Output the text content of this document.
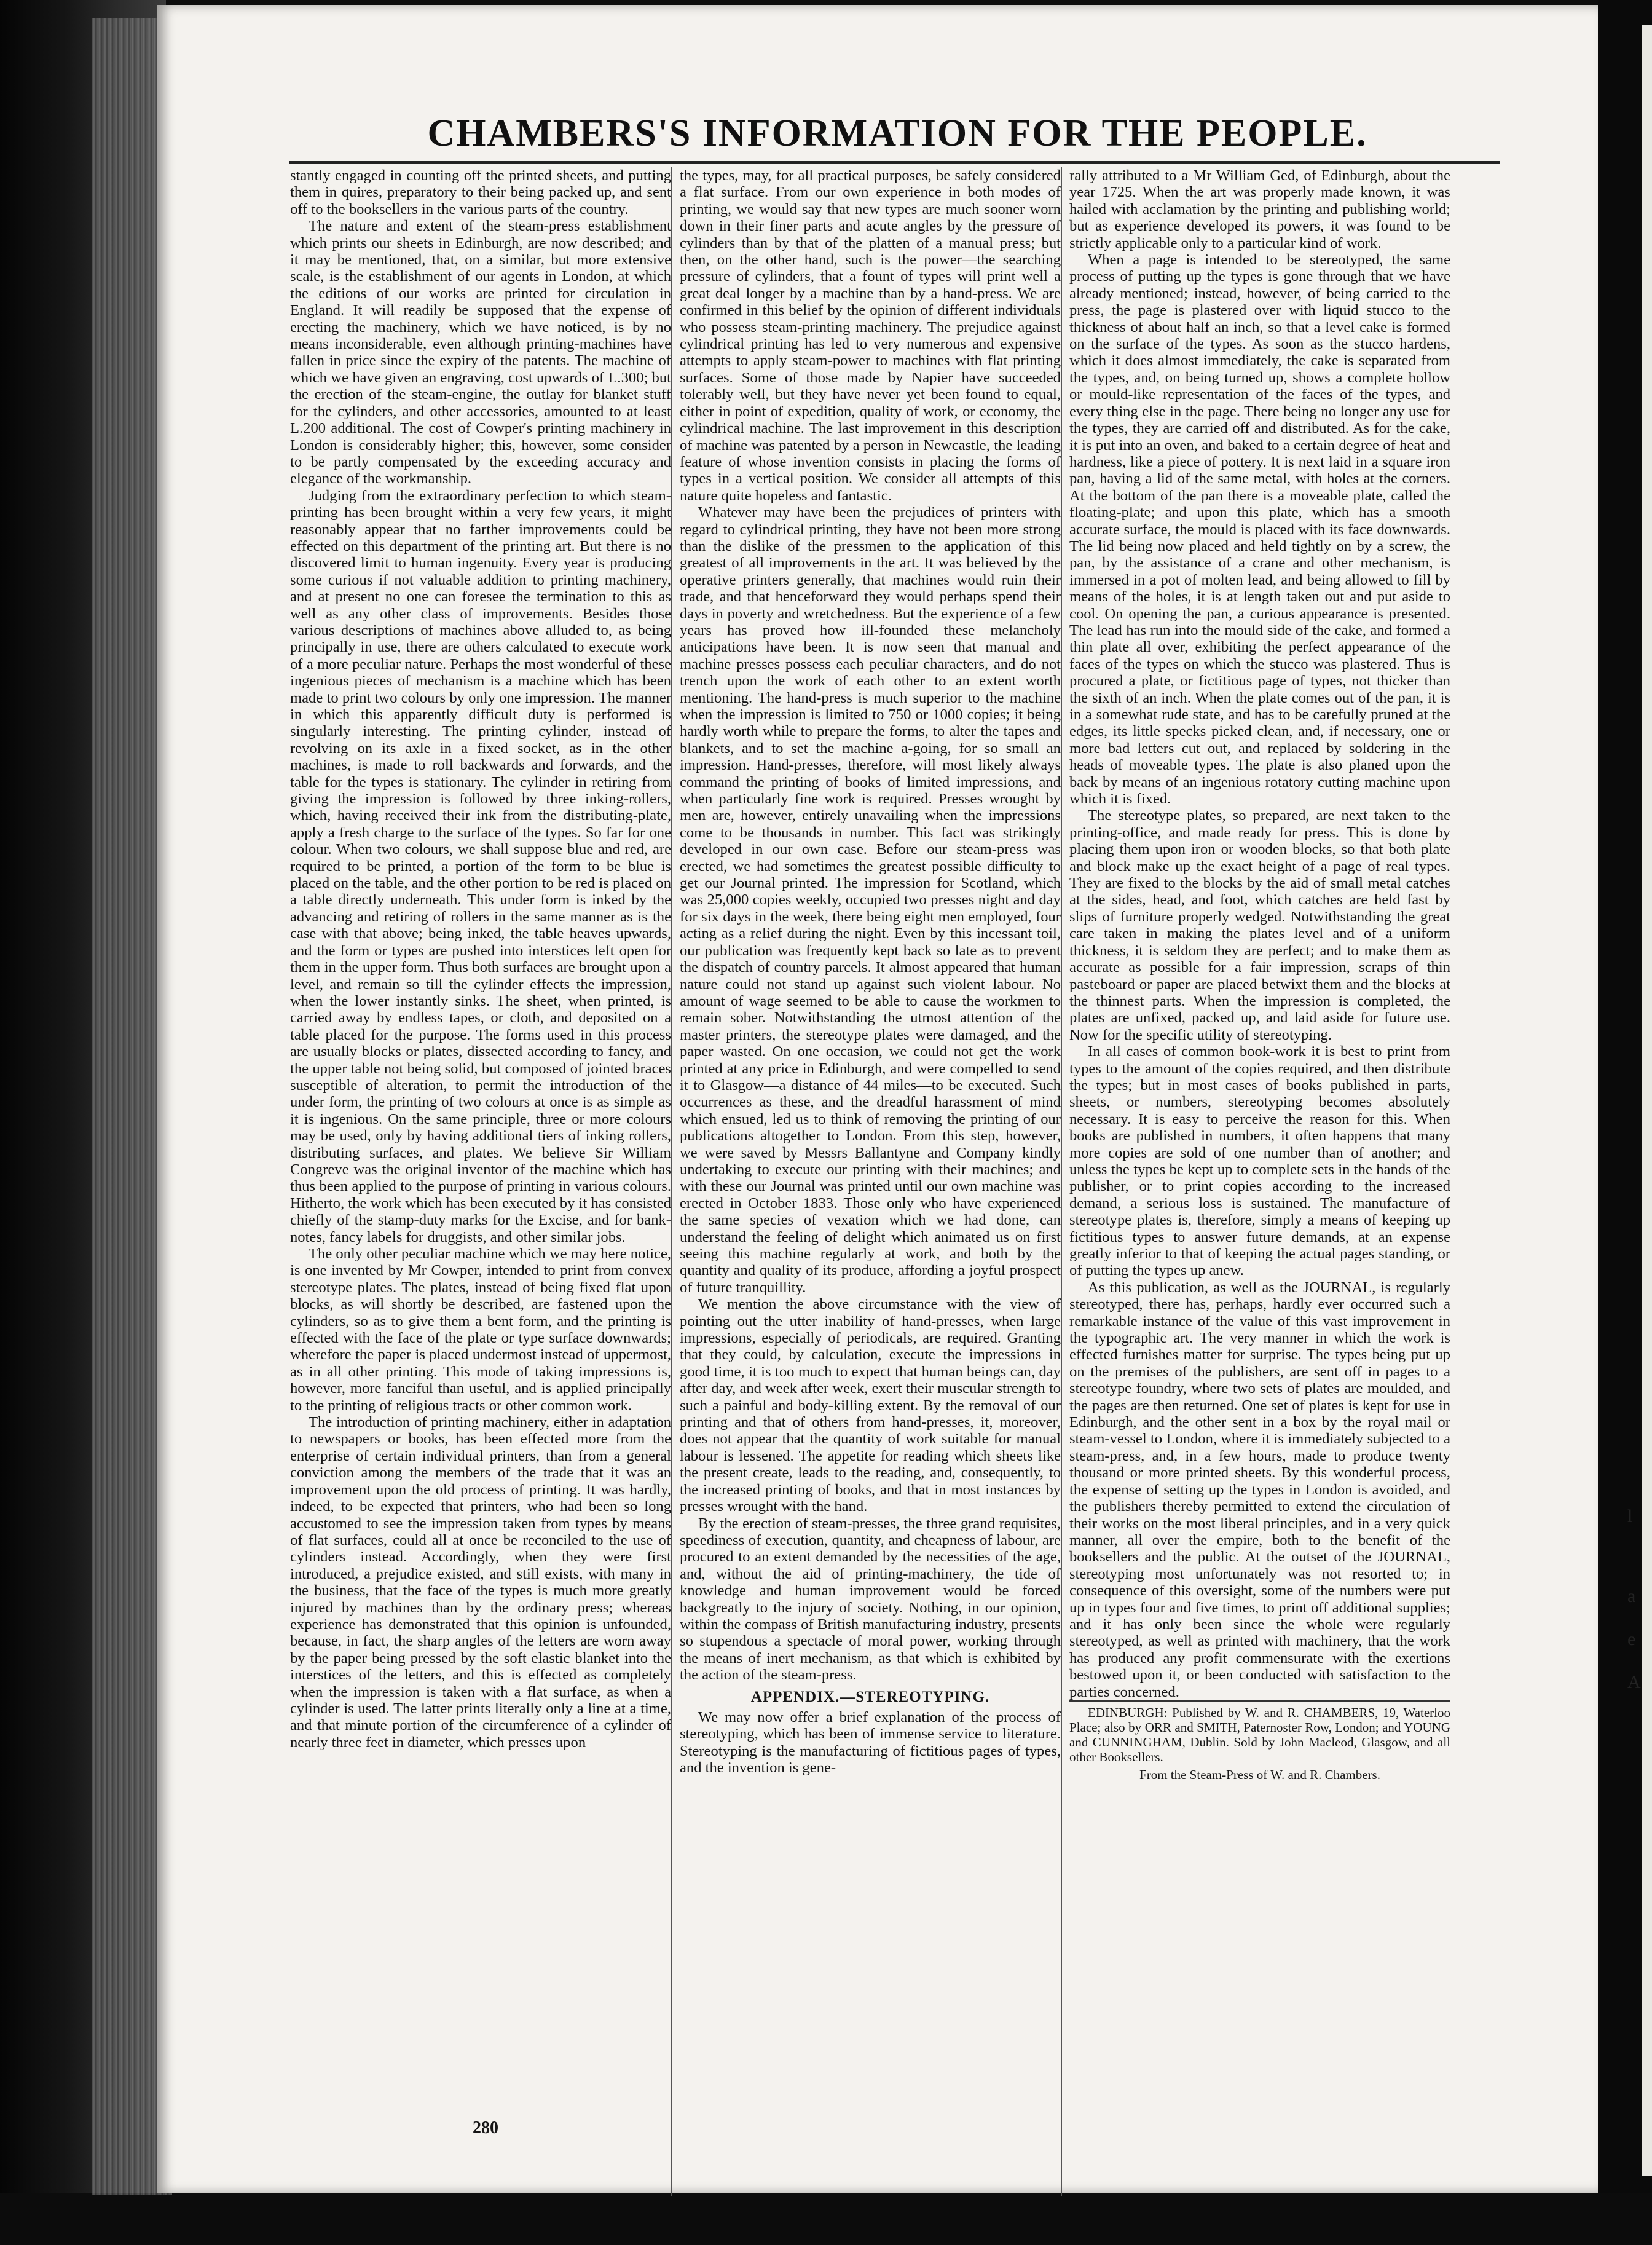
CHAMBERS'S INFORMATION FOR THE PEOPLE.

stantly engaged in counting off the printed sheets, and putting them in quires, preparatory to their being packed up, and sent off to the booksellers in the various parts of the country.

The nature and extent of the steam-press establishment which prints our sheets in Edinburgh, are now described; and it may be mentioned, that, on a similar, but more extensive scale, is the establishment of our agents in London, at which the editions of our works are printed for circulation in England. It will readily be supposed that the expense of erecting the machinery, which we have noticed, is by no means inconsiderable, even although printing-machines have fallen in price since the expiry of the patents. The machine of which we have given an engraving, cost upwards of L.300; but the erection of the steam-engine, the outlay for blanket stuff for the cylinders, and other accessories, amounted to at least L.200 additional. The cost of Cowper's printing machinery in London is considerably higher; this, however, some consider to be partly compensated by the exceeding accuracy and elegance of the workmanship.

Judging from the extraordinary perfection to which steam-printing has been brought within a very few years, it might reasonably appear that no farther improvements could be effected on this department of the printing art. But there is no discovered limit to human ingenuity. Every year is producing some curious if not valuable addition to printing machinery, and at present no one can foresee the termination to this as well as any other class of improvements. Besides those various descriptions of machines above alluded to, as being principally in use, there are others calculated to execute work of a more peculiar nature. Perhaps the most wonderful of these ingenious pieces of mechanism is a machine which has been made to print two colours by only one impression. The manner in which this apparently difficult duty is performed is singularly interesting. The printing cylinder, instead of revolving on its axle in a fixed socket, as in the other machines, is made to roll backwards and forwards, and the table for the types is stationary. The cylinder in retiring from giving the impression is followed by three inking-rollers, which, having received their ink from the distributing-plate, apply a fresh charge to the surface of the types. So far for one colour. When two colours, we shall suppose blue and red, are required to be printed, a portion of the form to be blue is placed on the table, and the other portion to be red is placed on a table directly underneath. This under form is inked by the advancing and retiring of rollers in the same manner as is the case with that above; being inked, the table heaves upwards, and the form or types are pushed into interstices left open for them in the upper form. Thus both surfaces are brought upon a level, and remain so till the cylinder effects the impression, when the lower instantly sinks. The sheet, when printed, is carried away by endless tapes, or cloth, and deposited on a table placed for the purpose. The forms used in this process are usually blocks or plates, dissected according to fancy, and the upper table not being solid, but composed of jointed braces susceptible of alteration, to permit the introduction of the under form, the printing of two colours at once is as simple as it is ingenious. On the same principle, three or more colours may be used, only by having additional tiers of inking rollers, distributing surfaces, and plates. We believe Sir William Congreve was the original inventor of the machine which has thus been applied to the purpose of printing in various colours. Hitherto, the work which has been executed by it has consisted chiefly of the stamp-duty marks for the Excise, and for bank-notes, fancy labels for druggists, and other similar jobs.

The only other peculiar machine which we may here notice, is one invented by Mr Cowper, intended to print from convex stereotype plates. The plates, instead of being fixed flat upon blocks, as will shortly be described, are fastened upon the cylinders, so as to give them a bent form, and the printing is effected with the face of the plate or type surface downwards; wherefore the paper is placed undermost instead of uppermost, as in all other printing. This mode of taking impressions is, however, more fanciful than useful, and is applied principally to the printing of religious tracts or other common work.

The introduction of printing machinery, either in adaptation to newspapers or books, has been effected more from the enterprise of certain individual printers, than from a general conviction among the members of the trade that it was an improvement upon the old process of printing. It was hardly, indeed, to be expected that printers, who had been so long accustomed to see the impression taken from types by means of flat surfaces, could all at once be reconciled to the use of cylinders instead. Accordingly, when they were first introduced, a prejudice existed, and still exists, with many in the business, that the face of the types is much more greatly injured by machines than by the ordinary press; whereas experience has demonstrated that this opinion is unfounded, because, in fact, the sharp angles of the letters are worn away by the paper being pressed by the soft elastic blanket into the interstices of the letters, and this is effected as completely when the impression is taken with a flat surface, as when a cylinder is used. The latter prints literally only a line at a time, and that minute portion of the circumference of a cylinder of nearly three feet in diameter, which presses upon

the types, may, for all practical purposes, be safely considered a flat surface. From our own experience in both modes of printing, we would say that new types are much sooner worn down in their finer parts and acute angles by the pressure of cylinders than by that of the platten of a manual press; but then, on the other hand, such is the power—the searching pressure of cylinders, that a fount of types will print well a great deal longer by a machine than by a hand-press. We are confirmed in this belief by the opinion of different individuals who possess steam-printing machinery. The prejudice against cylindrical printing has led to very numerous and expensive attempts to apply steam-power to machines with flat printing surfaces. Some of those made by Napier have succeeded tolerably well, but they have never yet been found to equal, either in point of expedition, quality of work, or economy, the cylindrical machine. The last improvement in this description of machine was patented by a person in Newcastle, the leading feature of whose invention consists in placing the forms of types in a vertical position. We consider all attempts of this nature quite hopeless and fantastic.

Whatever may have been the prejudices of printers with regard to cylindrical printing, they have not been more strong than the dislike of the pressmen to the application of this greatest of all improvements in the art. It was believed by the operative printers generally, that machines would ruin their trade, and that henceforward they would perhaps spend their days in poverty and wretchedness. But the experience of a few years has proved how ill-founded these melancholy anticipations have been. It is now seen that manual and machine presses possess each peculiar characters, and do not trench upon the work of each other to an extent worth mentioning. The hand-press is much superior to the machine when the impression is limited to 750 or 1000 copies; it being hardly worth while to prepare the forms, to alter the tapes and blankets, and to set the machine a-going, for so small an impression. Hand-presses, therefore, will most likely always command the printing of books of limited impressions, and when particularly fine work is required. Presses wrought by men are, however, entirely unavailing when the impressions come to be thousands in number. This fact was strikingly developed in our own case. Before our steam-press was erected, we had sometimes the greatest possible difficulty to get our Journal printed. The impression for Scotland, which was 25,000 copies weekly, occupied two presses night and day for six days in the week, there being eight men employed, four acting as a relief during the night. Even by this incessant toil, our publication was frequently kept back so late as to prevent the dispatch of country parcels. It almost appeared that human nature could not stand up against such violent labour. No amount of wage seemed to be able to cause the workmen to remain sober. Notwithstanding the utmost attention of the master printers, the stereotype plates were damaged, and the paper wasted. On one occasion, we could not get the work printed at any price in Edinburgh, and were compelled to send it to Glasgow—a distance of 44 miles—to be executed. Such occurrences as these, and the dreadful harassment of mind which ensued, led us to think of removing the printing of our publications altogether to London. From this step, however, we were saved by Messrs Ballantyne and Company kindly undertaking to execute our printing with their machines; and with these our Journal was printed until our own machine was erected in October 1833. Those only who have experienced the same species of vexation which we had done, can understand the feeling of delight which animated us on first seeing this machine regularly at work, and both by the quantity and quality of its produce, affording a joyful prospect of future tranquillity.

We mention the above circumstance with the view of pointing out the utter inability of hand-presses, when large impressions, especially of periodicals, are required. Granting that they could, by calculation, execute the impressions in good time, it is too much to expect that human beings can, day after day, and week after week, exert their muscular strength to such a painful and body-killing extent. By the removal of our printing and that of others from hand-presses, it, moreover, does not appear that the quantity of work suitable for manual labour is lessened. The appetite for reading which sheets like the present create, leads to the reading, and, consequently, to the increased printing of books, and that in most instances by presses wrought with the hand.

By the erection of steam-presses, the three grand requisites, speediness of execution, quantity, and cheapness of labour, are procured to an extent demanded by the necessities of the age, and, without the aid of printing-machinery, the tide of knowledge and human improvement would be forced backgreatly to the injury of society. Nothing, in our opinion, within the compass of British manufacturing industry, presents so stupendous a spectacle of moral power, working through the means of inert mechanism, as that which is exhibited by the action of the steam-press.

APPENDIX.—STEREOTYPING.

We may now offer a brief explanation of the process of stereotyping, which has been of immense service to literature. Stereotyping is the manufacturing of fictitious pages of types, and the invention is gene-

rally attributed to a Mr William Ged, of Edinburgh, about the year 1725. When the art was properly made known, it was hailed with acclamation by the printing and publishing world; but as experience developed its powers, it was found to be strictly applicable only to a particular kind of work.

When a page is intended to be stereotyped, the same process of putting up the types is gone through that we have already mentioned; instead, however, of being carried to the press, the page is plastered over with liquid stucco to the thickness of about half an inch, so that a level cake is formed on the surface of the types. As soon as the stucco hardens, which it does almost immediately, the cake is separated from the types, and, on being turned up, shows a complete hollow or mould-like representation of the faces of the types, and every thing else in the page. There being no longer any use for the types, they are carried off and distributed. As for the cake, it is put into an oven, and baked to a certain degree of heat and hardness, like a piece of pottery. It is next laid in a square iron pan, having a lid of the same metal, with holes at the corners. At the bottom of the pan there is a moveable plate, called the floating-plate; and upon this plate, which has a smooth accurate surface, the mould is placed with its face downwards. The lid being now placed and held tightly on by a screw, the pan, by the assistance of a crane and other mechanism, is immersed in a pot of molten lead, and being allowed to fill by means of the holes, it is at length taken out and put aside to cool. On opening the pan, a curious appearance is presented. The lead has run into the mould side of the cake, and formed a thin plate all over, exhibiting the perfect appearance of the faces of the types on which the stucco was plastered. Thus is procured a plate, or fictitious page of types, not thicker than the sixth of an inch. When the plate comes out of the pan, it is in a somewhat rude state, and has to be carefully pruned at the edges, its little specks picked clean, and, if necessary, one or more bad letters cut out, and replaced by soldering in the heads of moveable types. The plate is also planed upon the back by means of an ingenious rotatory cutting machine upon which it is fixed.

The stereotype plates, so prepared, are next taken to the printing-office, and made ready for press. This is done by placing them upon iron or wooden blocks, so that both plate and block make up the exact height of a page of real types. They are fixed to the blocks by the aid of small metal catches at the sides, head, and foot, which catches are held fast by slips of furniture properly wedged. Notwithstanding the great care taken in making the plates level and of a uniform thickness, it is seldom they are perfect; and to make them as accurate as possible for a fair impression, scraps of thin pasteboard or paper are placed betwixt them and the blocks at the thinnest parts. When the impression is completed, the plates are unfixed, packed up, and laid aside for future use. Now for the specific utility of stereotyping.

In all cases of common book-work it is best to print from types to the amount of the copies required, and then distribute the types; but in most cases of books published in parts, sheets, or numbers, stereotyping becomes absolutely necessary. It is easy to perceive the reason for this. When books are published in numbers, it often happens that many more copies are sold of one number than of another; and unless the types be kept up to complete sets in the hands of the publisher, or to print copies according to the increased demand, a serious loss is sustained. The manufacture of stereotype plates is, therefore, simply a means of keeping up fictitious types to answer future demands, at an expense greatly inferior to that of keeping the actual pages standing, or of putting the types up anew.

As this publication, as well as the JOURNAL, is regularly stereotyped, there has, perhaps, hardly ever occurred such a remarkable instance of the value of this vast improvement in the typographic art. The very manner in which the work is effected furnishes matter for surprise. The types being put up on the premises of the publishers, are sent off in pages to a stereotype foundry, where two sets of plates are moulded, and the pages are then returned. One set of plates is kept for use in Edinburgh, and the other sent in a box by the royal mail or steam-vessel to London, where it is immediately subjected to a steam-press, and, in a few hours, made to produce twenty thousand or more printed sheets. By this wonderful process, the expense of setting up the types in London is avoided, and the publishers thereby permitted to extend the circulation of their works on the most liberal principles, and in a very quick manner, all over the empire, both to the benefit of the booksellers and the public. At the outset of the JOURNAL, stereotyping most unfortunately was not resorted to; in consequence of this oversight, some of the numbers were put up in types four and five times, to print off additional supplies; and it has only been since the whole were regularly stereotyped, as well as printed with machinery, that the work has produced any profit commensurate with the exertions bestowed upon it, or been conducted with satisfaction to the parties concerned.

EDINBURGH: Published by W. and R. CHAMBERS, 19, Waterloo Place; also by ORR and SMITH, Paternoster Row, London; and YOUNG and CUNNINGHAM, Dublin. Sold by John Macleod, Glasgow, and all other Booksellers.

From the Steam-Press of W. and R. Chambers.
280
l
a
e
A
